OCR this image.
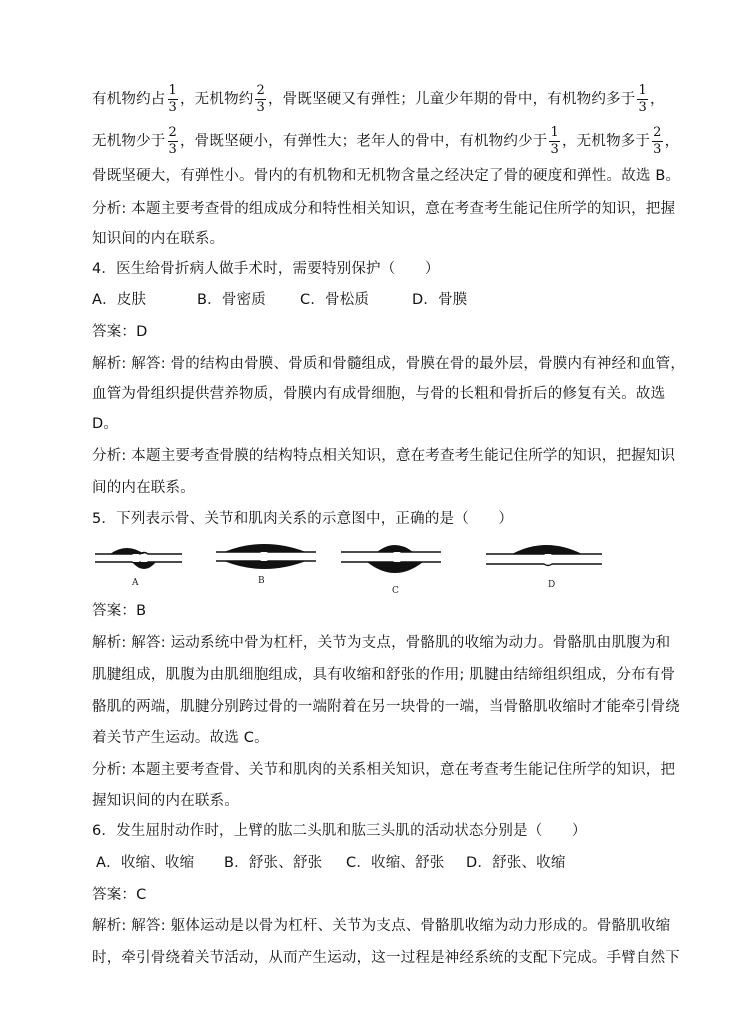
有机物约占 $\frac{1}{3}$ ，无机物约 $\frac{2}{3}$ ，骨既坚硬又有弹性；儿童少年期的骨中，有机物约多于 $\frac{1}{3}$ ，
无机物少于 $\frac{2}{3}$ ，骨既坚硬小，有弹性大；老年人的骨中，有机物约少于 $\frac{1}{3}$ ，无机物多于 $\frac{2}{3}$ ，
骨既坚硬大，有弹性小。骨内的有机物和无机物含量之经决定了骨的硬度和弹性。故选 B。
分析: 本题主要考查骨的组成成分和特性相关知识，意在考查考生能记住所学的知识，把握
知识间的内在联系。
4．医生给骨折病人做手术时，需要特别保护（　　）
A．皮肤	B．骨密质 C．骨松质	D．骨膜
答案：D
解析: 解答: 骨的结构由骨膜、骨质和骨髓组成，骨膜在骨的最外层，骨膜内有神经和血管，
血管为骨组织提供营养物质，骨膜内有成骨细胞，与骨的长粗和骨折后的修复有关。故选
D。
分析: 本题主要考查骨膜的结构特点相关知识，意在考查考生能记住所学的知识，把握知识
间的内在联系。
5．下列表示骨、关节和肌肉关系的示意图中，正确的是（　　）
A	B
C
D
答案：B
解析: 解答: 运动系统中骨为杠杆，关节为支点，骨骼肌的收缩为动力。骨骼肌由肌腹为和
肌腱组成，肌腹为由肌细胞组成，具有收缩和舒张的作用; 肌腱由结缔组织组成，分布有骨
骼肌的两端，肌腱分别跨过骨的一端附着在另一块骨的一端，当骨骼肌收缩时才能牵引骨绕
着关节产生运动。故选 C。
分析: 本题主要考查骨、关节和肌肉的关系相关知识，意在考查考生能记住所学的知识，把
握知识间的内在联系。
6．发生屈肘动作时，上臂的肱二头肌和肱三头肌的活动状态分别是（　　）
A．收缩、收缩 B．舒张、舒张 C．收缩、舒张 D．舒张、收缩
答案：C
解析: 解答: 躯体运动是以骨为杠杆、关节为支点、骨骼肌收缩为动力形成的。骨骼肌收缩
时，牵引骨绕着关节活动，从而产生运动，这一过程是神经系统的支配下完成。手臂自然下
